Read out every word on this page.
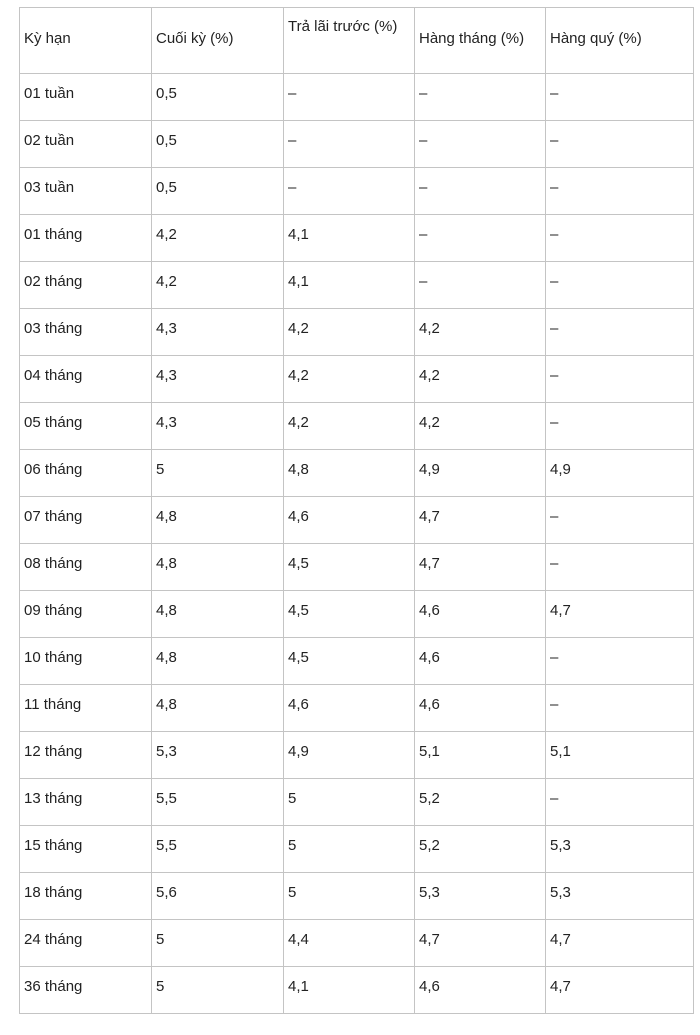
Kỳ hạn	Cuối kỳ (%)	Trả lãi trước (%)	Hàng tháng (%)	Hàng quý (%)
01 tuần	0,5	–	–	–
02 tuần	0,5	–	–	–
03 tuần	0,5	–	–	–
01 tháng	4,2	4,1	–	–
02 tháng	4,2	4,1	–	–
03 tháng	4,3	4,2	4,2	–
04 tháng	4,3	4,2	4,2	–
05 tháng	4,3	4,2	4,2	–
06 tháng	5	4,8	4,9	4,9
07 tháng	4,8	4,6	4,7	–
08 tháng	4,8	4,5	4,7	–
09 tháng	4,8	4,5	4,6	4,7
10 tháng	4,8	4,5	4,6	–
11 tháng	4,8	4,6	4,6	–
12 tháng	5,3	4,9	5,1	5,1
13 tháng	5,5	5	5,2	–
15 tháng	5,5	5	5,2	5,3
18 tháng	5,6	5	5,3	5,3
24 tháng	5	4,4	4,7	4,7
36 tháng	5	4,1	4,6	4,7
